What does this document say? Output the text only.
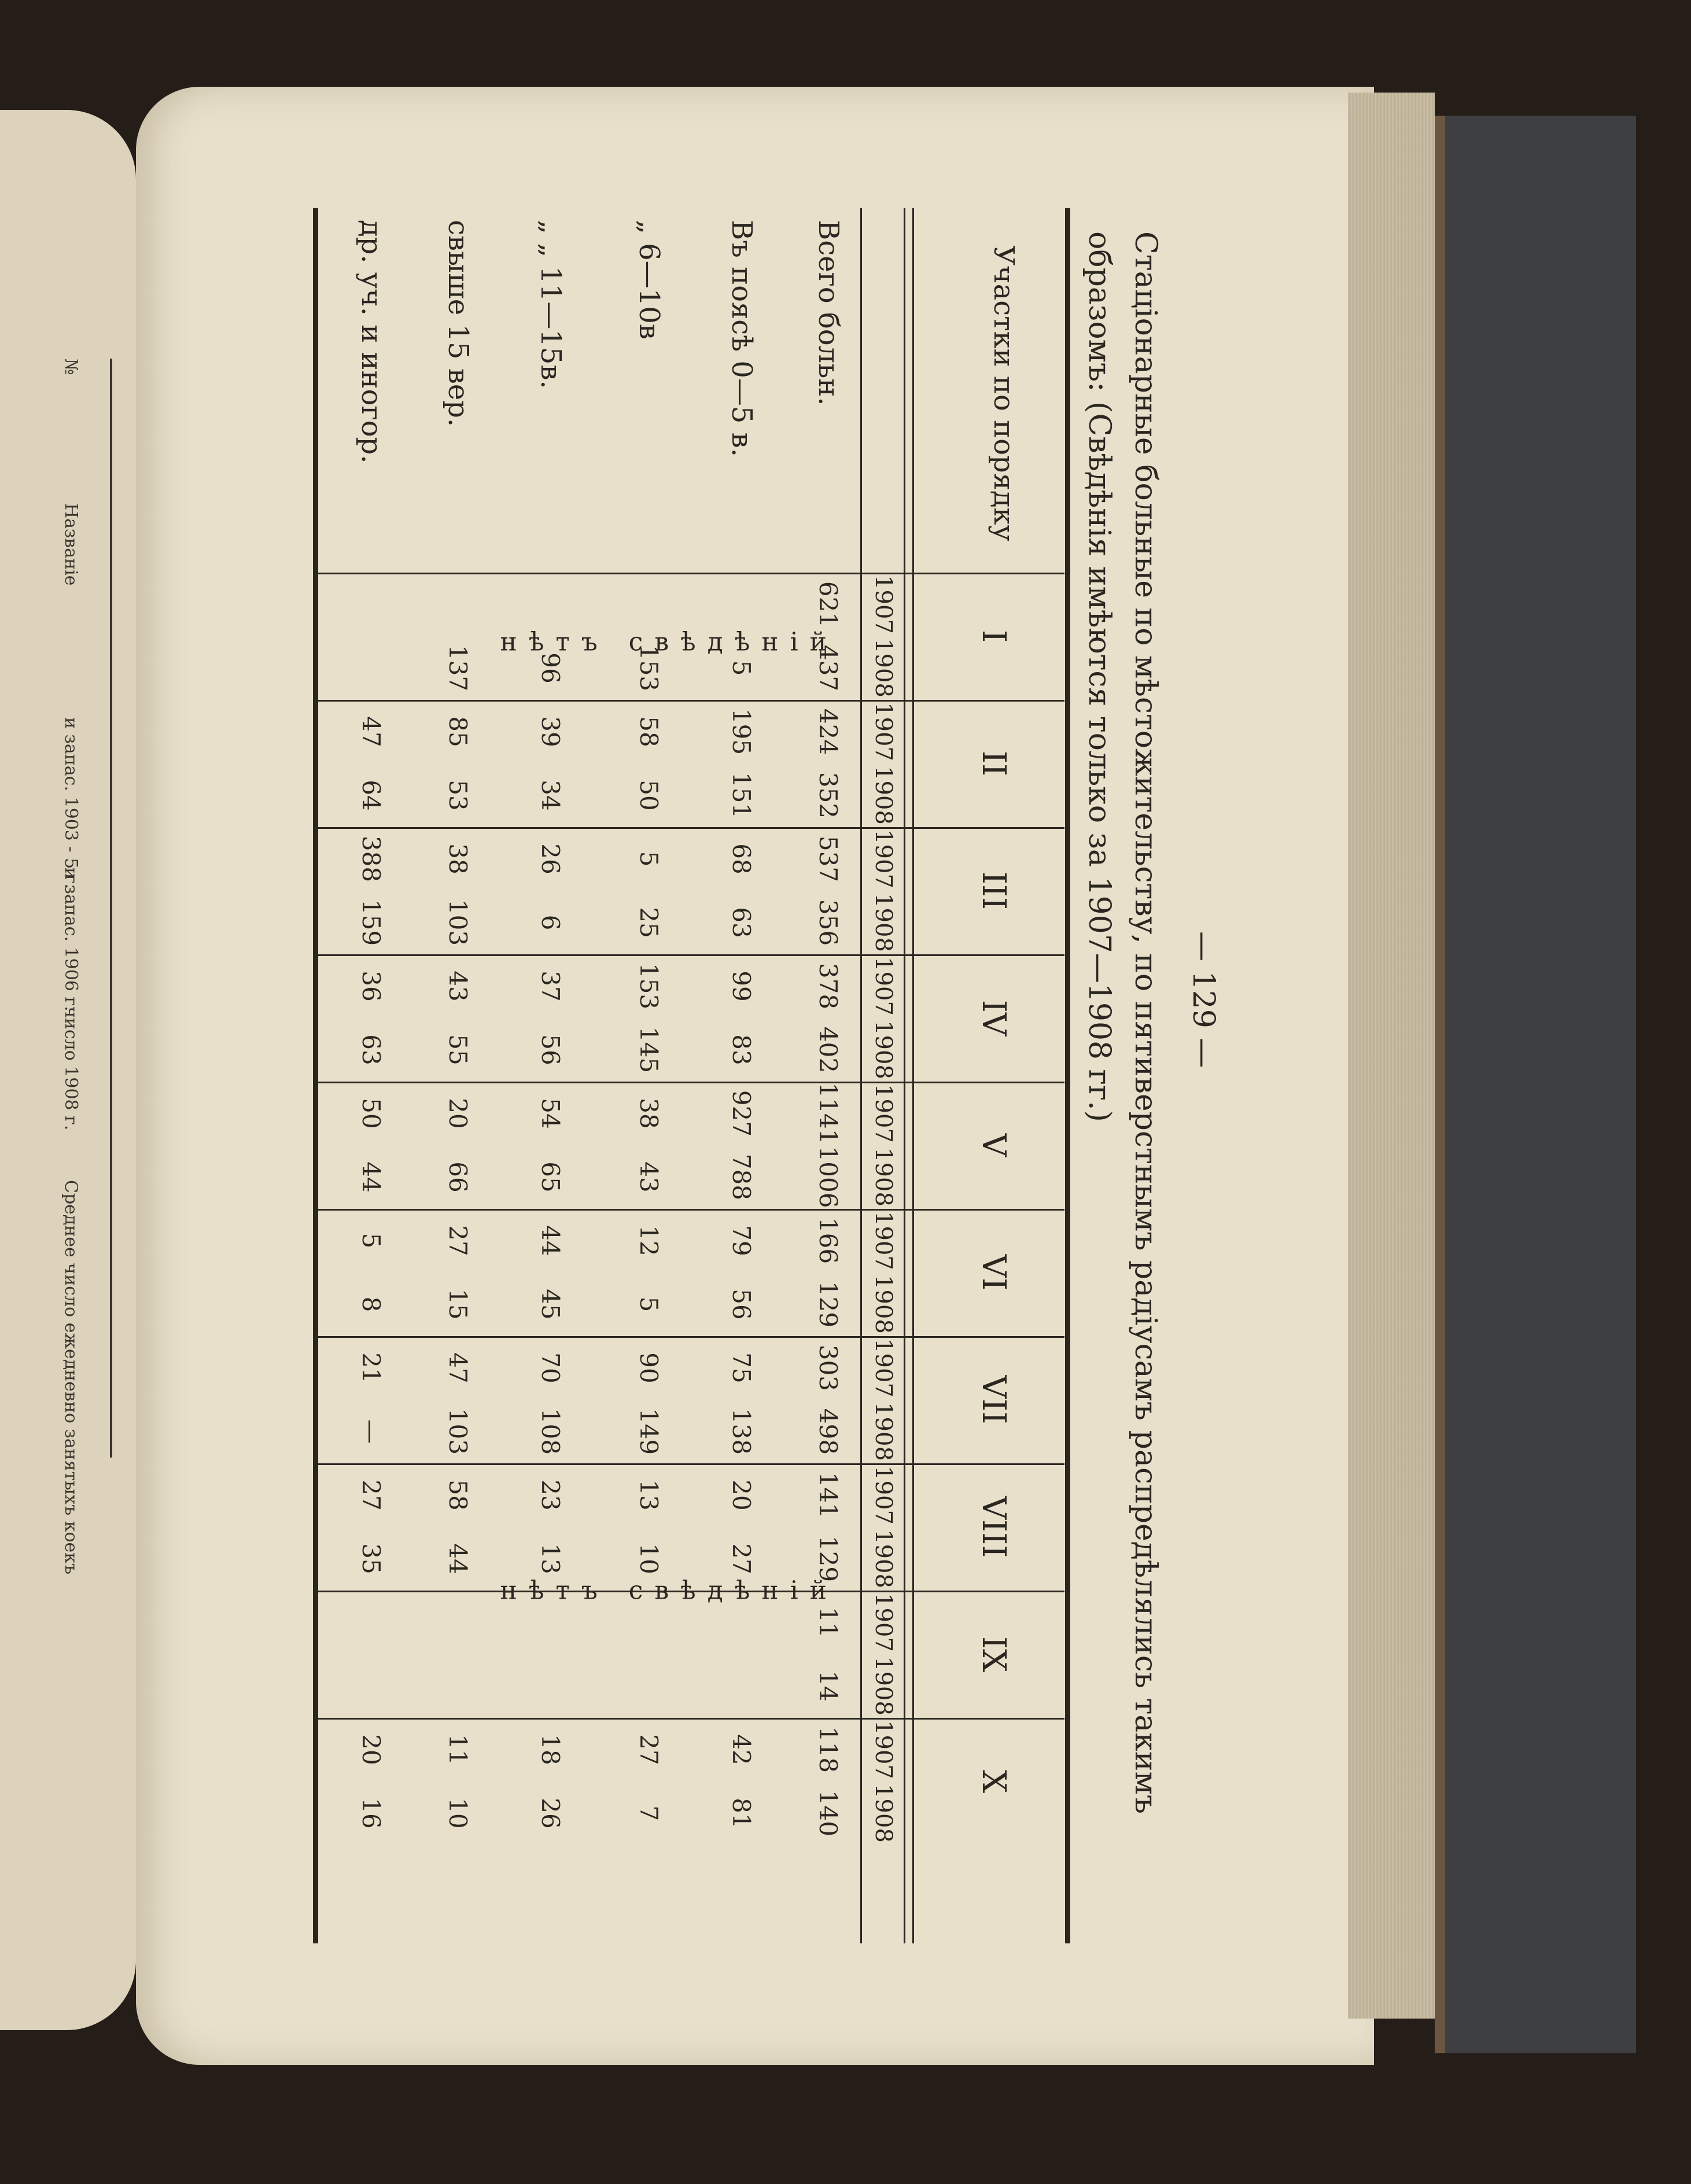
№
Названіе
и запас. 1903 - 5 г.
и запас. 1906 г.
число 1908 г.
Среднее число ежедневно занятыхъ коекъ
— 129 —
Стаціонарные больные по мѣстожительству, по пятиверстнымъ радіусамъ распредѣлялись такимъ образомъ: (Свѣдѣнія имѣются только за 1907—1908 гг.)
Участки по порядку
I
II
III
IV
V
VI
VII
VIII
IX
X
1907
1908
1907
1908
1907
1908
1907
1908
1907
1908
1907
1908
1907
1908
1907
1908
1907
1908
1907
1908
Всего больн.
621
437
424
352
537
356
378
402
1141
1006
166
129
303
498
141
129
11
14
118
140
Въ поясѣ 0—5 в.
5
195
151
68
63
99
83
927
788
79
56
75
138
20
27
42
81
„ 6—10в
153
58
50
5
25
153
145
38
43
12
5
90
149
13
10
27
7
„ „ 11—15в.
96
39
34
26
6
37
56
54
65
44
45
70
108
23
13
18
26
свыше 15 вер.
137
85
53
38
103
43
55
20
66
27
15
47
103
58
44
11
10
др. уч. и иногор.
47
64
388
159
36
63
50
44
5
8
21
—
27
35
20
16
нѣтъ свѣдѣній
нѣтъ свѣдѣній
